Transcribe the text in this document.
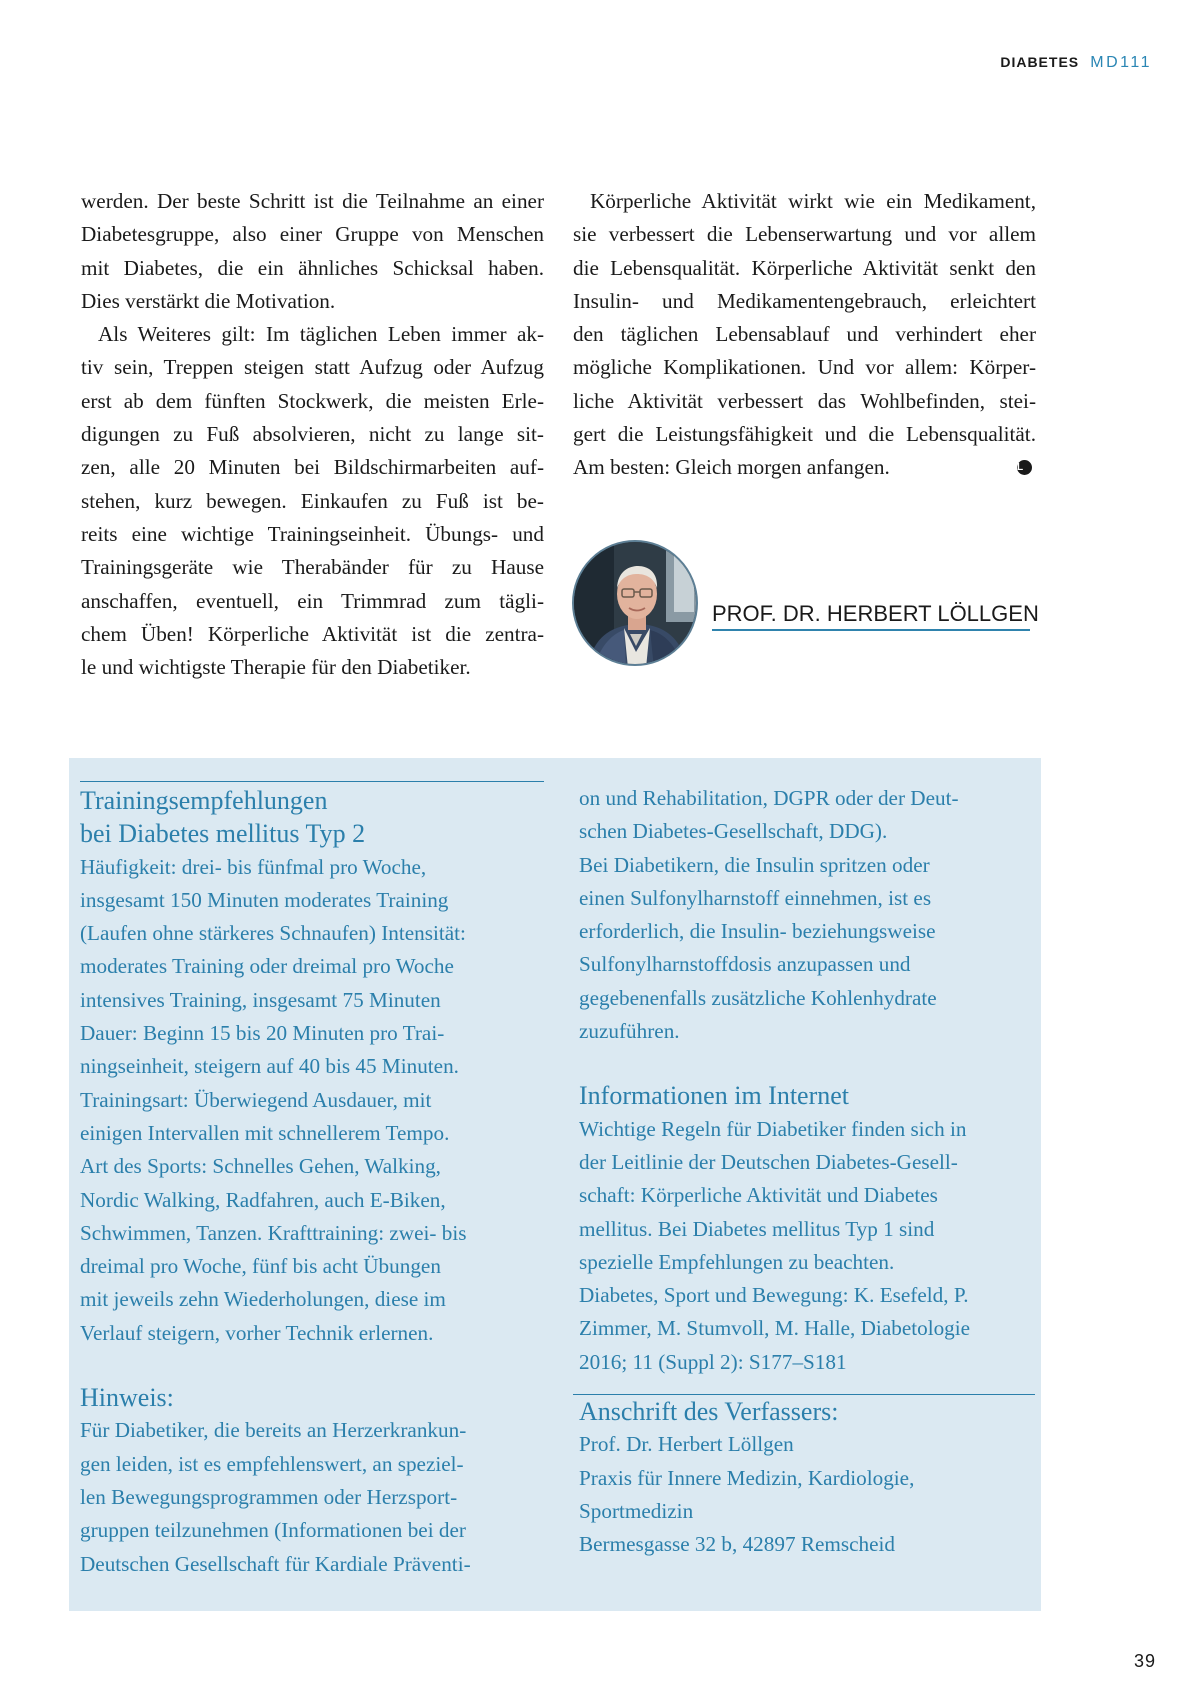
DIABETES MD111

werden. Der beste Schritt ist die Teilnahme an einer
Diabetesgruppe, also einer Gruppe von Menschen
mit Diabetes, die ein ähnliches Schicksal haben.
Dies verstärkt die Motivation.

Als Weiteres gilt: Im täglichen Leben immer ak-
tiv sein, Treppen steigen statt Aufzug oder Aufzug
erst ab dem fünften Stockwerk, die meisten Erle-
digungen zu Fuß absolvieren, nicht zu lange sit-
zen, alle 20 Minuten bei Bildschirmarbeiten auf-
stehen, kurz bewegen. Einkaufen zu Fuß ist be-
reits eine wichtige Trainingseinheit. Übungs- und
Trainingsgeräte wie Therabänder für zu Hause
anschaffen, eventuell, ein Trimmrad zum tägli-
chem Üben! Körperliche Aktivität ist die zentra-
le und wichtigste Therapie für den Diabetiker.

Körperliche Aktivität wirkt wie ein Medikament,
sie verbessert die Lebenserwartung und vor allem
die Lebensqualität. Körperliche Aktivität senkt den
Insulin- und Medikamentengebrauch, erleichtert
den täglichen Lebensablauf und verhindert eher
mögliche Komplikationen. Und vor allem: Körper-
liche Aktivität verbessert das Wohlbefinden, stei-
gert die Leistungsfähigkeit und die Lebensqualität.
Am besten: Gleich morgen anfangen.	L

PROF. DR. HERBERT LÖLLGEN
Trainingsempfehlungen
bei Diabetes mellitus Typ 2

Häufigkeit: drei- bis fünfmal pro Woche,
insgesamt 150 Minuten moderates Training
(Laufen ohne stärkeres Schnaufen) Intensität:
moderates Training oder dreimal pro Woche
intensives Training, insgesamt 75 Minuten
Dauer: Beginn 15 bis 20 Minuten pro Trai-
ningseinheit, steigern auf 40 bis 45 Minuten.
Trainingsart: Überwiegend Ausdauer, mit
einigen Intervallen mit schnellerem Tempo.
Art des Sports: Schnelles Gehen, Walking,
Nordic Walking, Radfahren, auch E-Biken,
Schwimmen, Tanzen. Krafttraining: zwei- bis
dreimal pro Woche, fünf bis acht Übungen
mit jeweils zehn Wiederholungen, diese im
Verlauf steigern, vorher Technik erlernen.

Hinweis:

Für Diabetiker, die bereits an Herzerkrankun-
gen leiden, ist es empfehlenswert, an speziel-
len Bewegungsprogrammen oder Herzsport-
gruppen teilzunehmen (Informationen bei der
Deutschen Gesellschaft für Kardiale Präventi-

on und Rehabilitation, DGPR oder der Deut-
schen Diabetes-Gesellschaft, DDG).
Bei Diabetikern, die Insulin spritzen oder
einen Sulfonylharnstoff einnehmen, ist es
erforderlich, die Insulin- beziehungsweise
Sulfonylharnstoffdosis anzupassen und
gegebenenfalls zusätzliche Kohlenhydrate
zuzuführen.

Informationen im Internet

Wichtige Regeln für Diabetiker finden sich in
der Leitlinie der Deutschen Diabetes-Gesell-
schaft: Körperliche Aktivität und Diabetes
mellitus. Bei Diabetes mellitus Typ 1 sind
spezielle Empfehlungen zu beachten.
Diabetes, Sport und Bewegung: K. Esefeld, P.
Zimmer, M. Stumvoll, M. Halle, Diabetologie
2016; 11 (Suppl 2): S177–S181

Anschrift des Verfassers:

Prof. Dr. Herbert Löllgen
Praxis für Innere Medizin, Kardiologie,
Sportmedizin
Bermesgasse 32 b, 42897 Remscheid

39
